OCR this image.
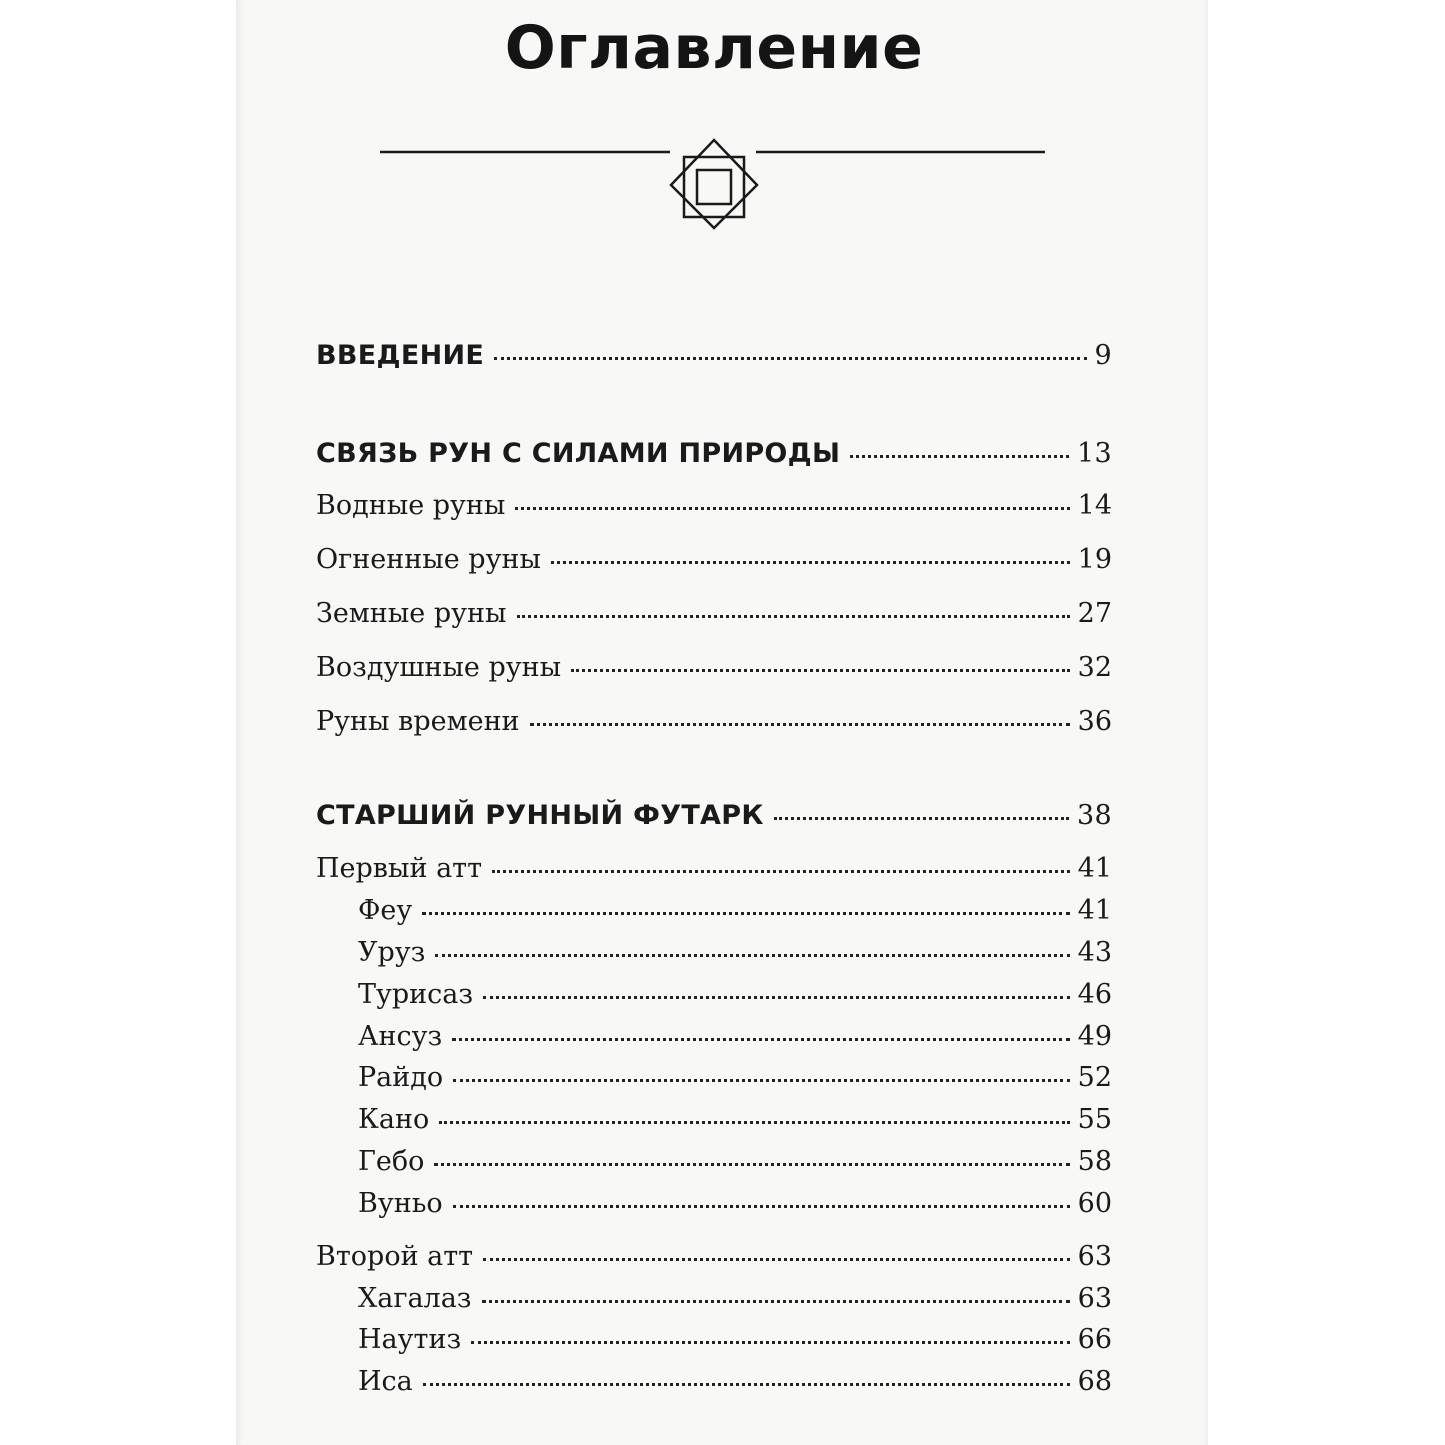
Оглавление
ВВЕДЕНИЕ	9
СВЯЗЬ РУН С СИЛАМИ ПРИРОДЫ	13
Водные руны	14
Огненные руны	19
Земные руны	27
Воздушные руны	32
Руны времени	36
СТАРШИЙ РУННЫЙ ФУТАРК	38
Первый атт	41
Феу	41
Уруз	43
Турисаз	46
Ансуз	49
Райдо	52
Кано	55
Гебо	58
Вуньо	60
Второй атт	63
Хагалаз	63
Наутиз	66
Иса	68
